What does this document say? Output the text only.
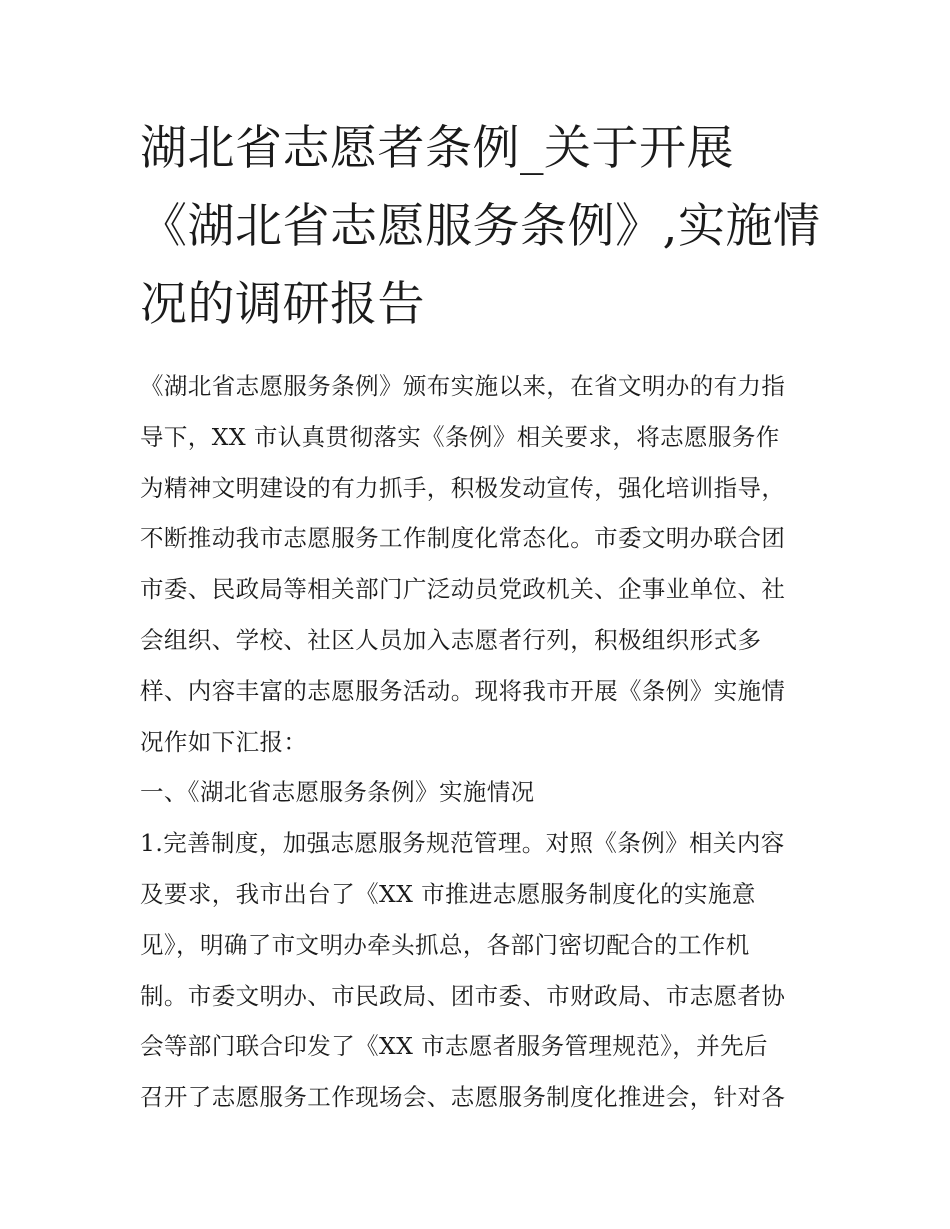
湖北省志愿者条例_关于开展
《湖北省志愿服务条例》,实施情
况的调研报告
《湖北省志愿服务条例》颁布实施以来，在省文明办的有力指
导下，XX 市认真贯彻落实《条例》相关要求，将志愿服务作
为精神文明建设的有力抓手，积极发动宣传，强化培训指导，
不断推动我市志愿服务工作制度化常态化。市委文明办联合团
市委、民政局等相关部门广泛动员党政机关、企事业单位、社
会组织、学校、社区人员加入志愿者行列，积极组织形式多
样、内容丰富的志愿服务活动。现将我市开展《条例》实施情
况作如下汇报：
一、《湖北省志愿服务条例》实施情况
1.完善制度，加强志愿服务规范管理。对照《条例》相关内容
及要求，我市出台了《XX 市推进志愿服务制度化的实施意
见》，明确了市文明办牵头抓总，各部门密切配合的工作机
制。市委文明办、市民政局、团市委、市财政局、市志愿者协
会等部门联合印发了《XX 市志愿者服务管理规范》，并先后
召开了志愿服务工作现场会、志愿服务制度化推进会，针对各
